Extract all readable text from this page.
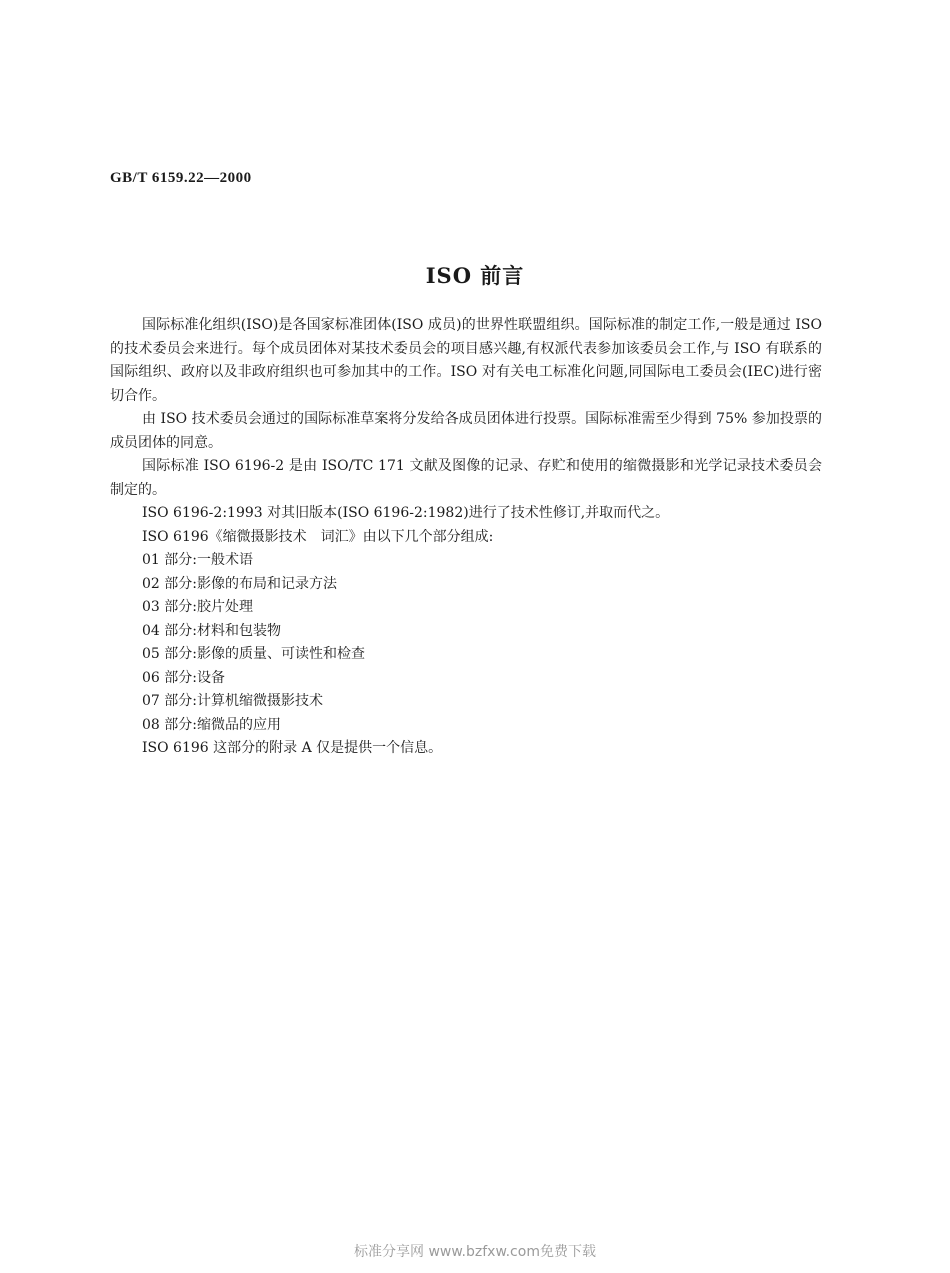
GB/T 6159.22—2000
ISO 前言

国际标准化组织(ISO)是各国家标准团体(ISO 成员)的世界性联盟组织。国际标准的制定工作,一般是通过 ISO 的技术委员会来进行。每个成员团体对某技术委员会的项目感兴趣,有权派代表参加该委员会工作,与 ISO 有联系的国际组织、政府以及非政府组织也可参加其中的工作。ISO 对有关电工标准化问题,同国际电工委员会(IEC)进行密切合作。

由 ISO 技术委员会通过的国际标准草案将分发给各成员团体进行投票。国际标准需至少得到 75% 参加投票的成员团体的同意。

国际标准 ISO 6196-2 是由 ISO/TC 171 文献及图像的记录、存贮和使用的缩微摄影和光学记录技术委员会制定的。

ISO 6196-2:1993 对其旧版本(ISO 6196-2:1982)进行了技术性修订,并取而代之。

ISO 6196《缩微摄影技术　词汇》由以下几个部分组成:

01 部分:一般术语

02 部分:影像的布局和记录方法

03 部分:胶片处理

04 部分:材料和包装物

05 部分:影像的质量、可读性和检查

06 部分:设备

07 部分:计算机缩微摄影技术

08 部分:缩微品的应用

ISO 6196 这部分的附录 A 仅是提供一个信息。

标准分享网 www.bzfxw.com免费下载
